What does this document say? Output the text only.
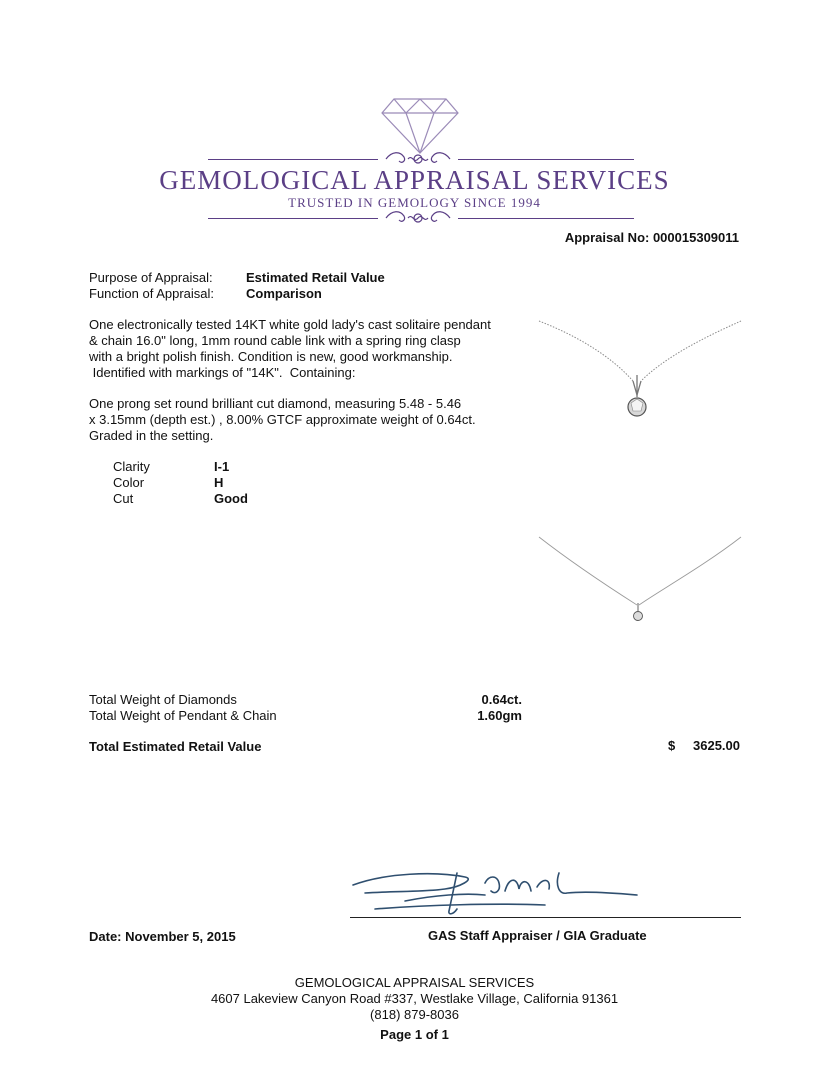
GEMOLOGICAL APPRAISAL SERVICES
TRUSTED IN GEMOLOGY SINCE 1994
Appraisal No: 000015309011
Purpose of Appraisal:	Estimated Retail Value
Function of Appraisal: Comparison
One electronically tested 14KT white gold lady's cast solitaire pendant
& chain 16.0" long, 1mm round cable link with a spring ring clasp
with a bright polish finish. Condition is new, good workmanship.
Identified with markings of "14K".  Containing:
One prong set round brilliant cut diamond, measuring 5.48 - 5.46
x 3.15mm (depth est.) , 8.00% GTCF approximate weight of 0.64ct.
Graded in the setting.
Clarity	I-1
Color	H
Cut	Good
Total Weight of Diamonds	0.64ct.
Total Weight of Pendant & Chain	1.60gm
Total Estimated Retail Value	$ 3625.00
Date: November 5, 2015	GAS Staff Appraiser / GIA Graduate
GEMOLOGICAL APPRAISAL SERVICES
4607 Lakeview Canyon Road #337, Westlake Village, California 91361
(818) 879-8036
Page 1 of 1
